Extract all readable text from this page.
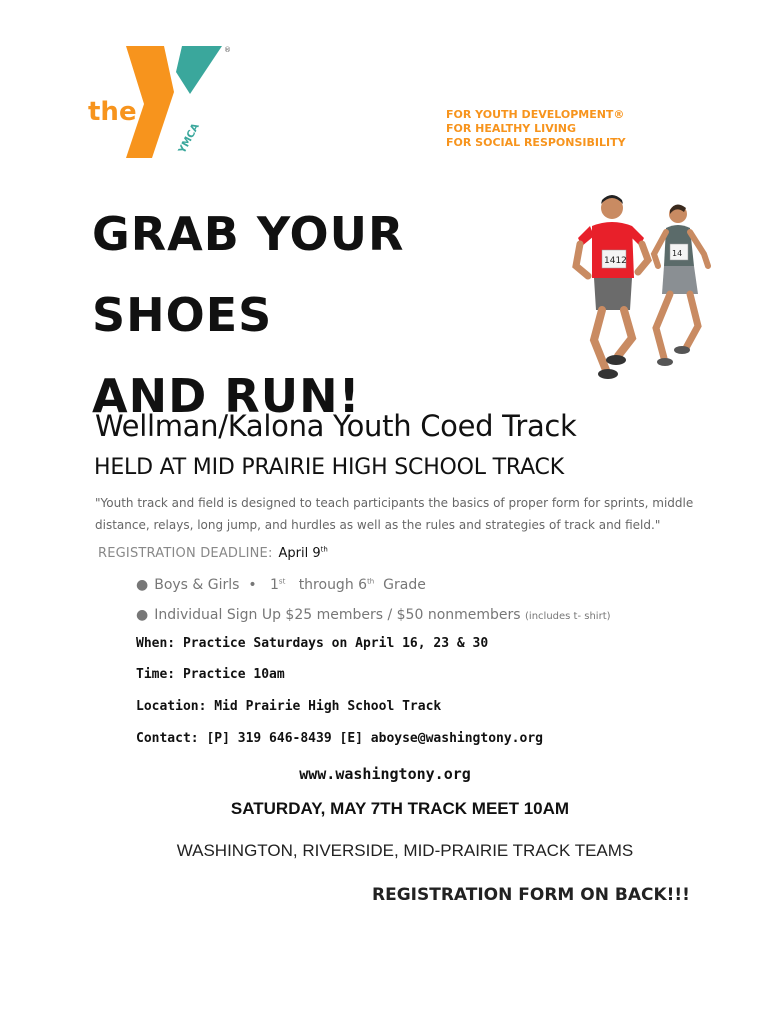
the
YMCA
®
FOR YOUTH DEVELOPMENT®
FOR HEALTHY LIVING
FOR SOCIAL RESPONSIBILITY
GRAB YOUR
SHOES
AND RUN!
14
1412
Wellman/Kalona Youth Coed Track
HELD AT MID PRAIRIE HIGH SCHOOL TRACK
"Youth track and field is designed to teach participants the basics of proper form for sprints, middle distance, relays, long jump, and hurdles as well as the rules and strategies of track and field."
REGISTRATION DEADLINE: April 9th
● Boys & Girls • 1st through 6th Grade
● Individual Sign Up $25 members / $50 nonmembers (includes t- shirt)
When: Practice Saturdays on April 16, 23 & 30
Time: Practice 10am
Location: Mid Prairie High School Track
Contact: [P] 319 646-8439 [E] aboyse@washingtony.org
www.washingtony.org
SATURDAY, MAY 7TH TRACK MEET 10AM
WASHINGTON, RIVERSIDE, MID-PRAIRIE TRACK TEAMS
REGISTRATION FORM ON BACK!!!
